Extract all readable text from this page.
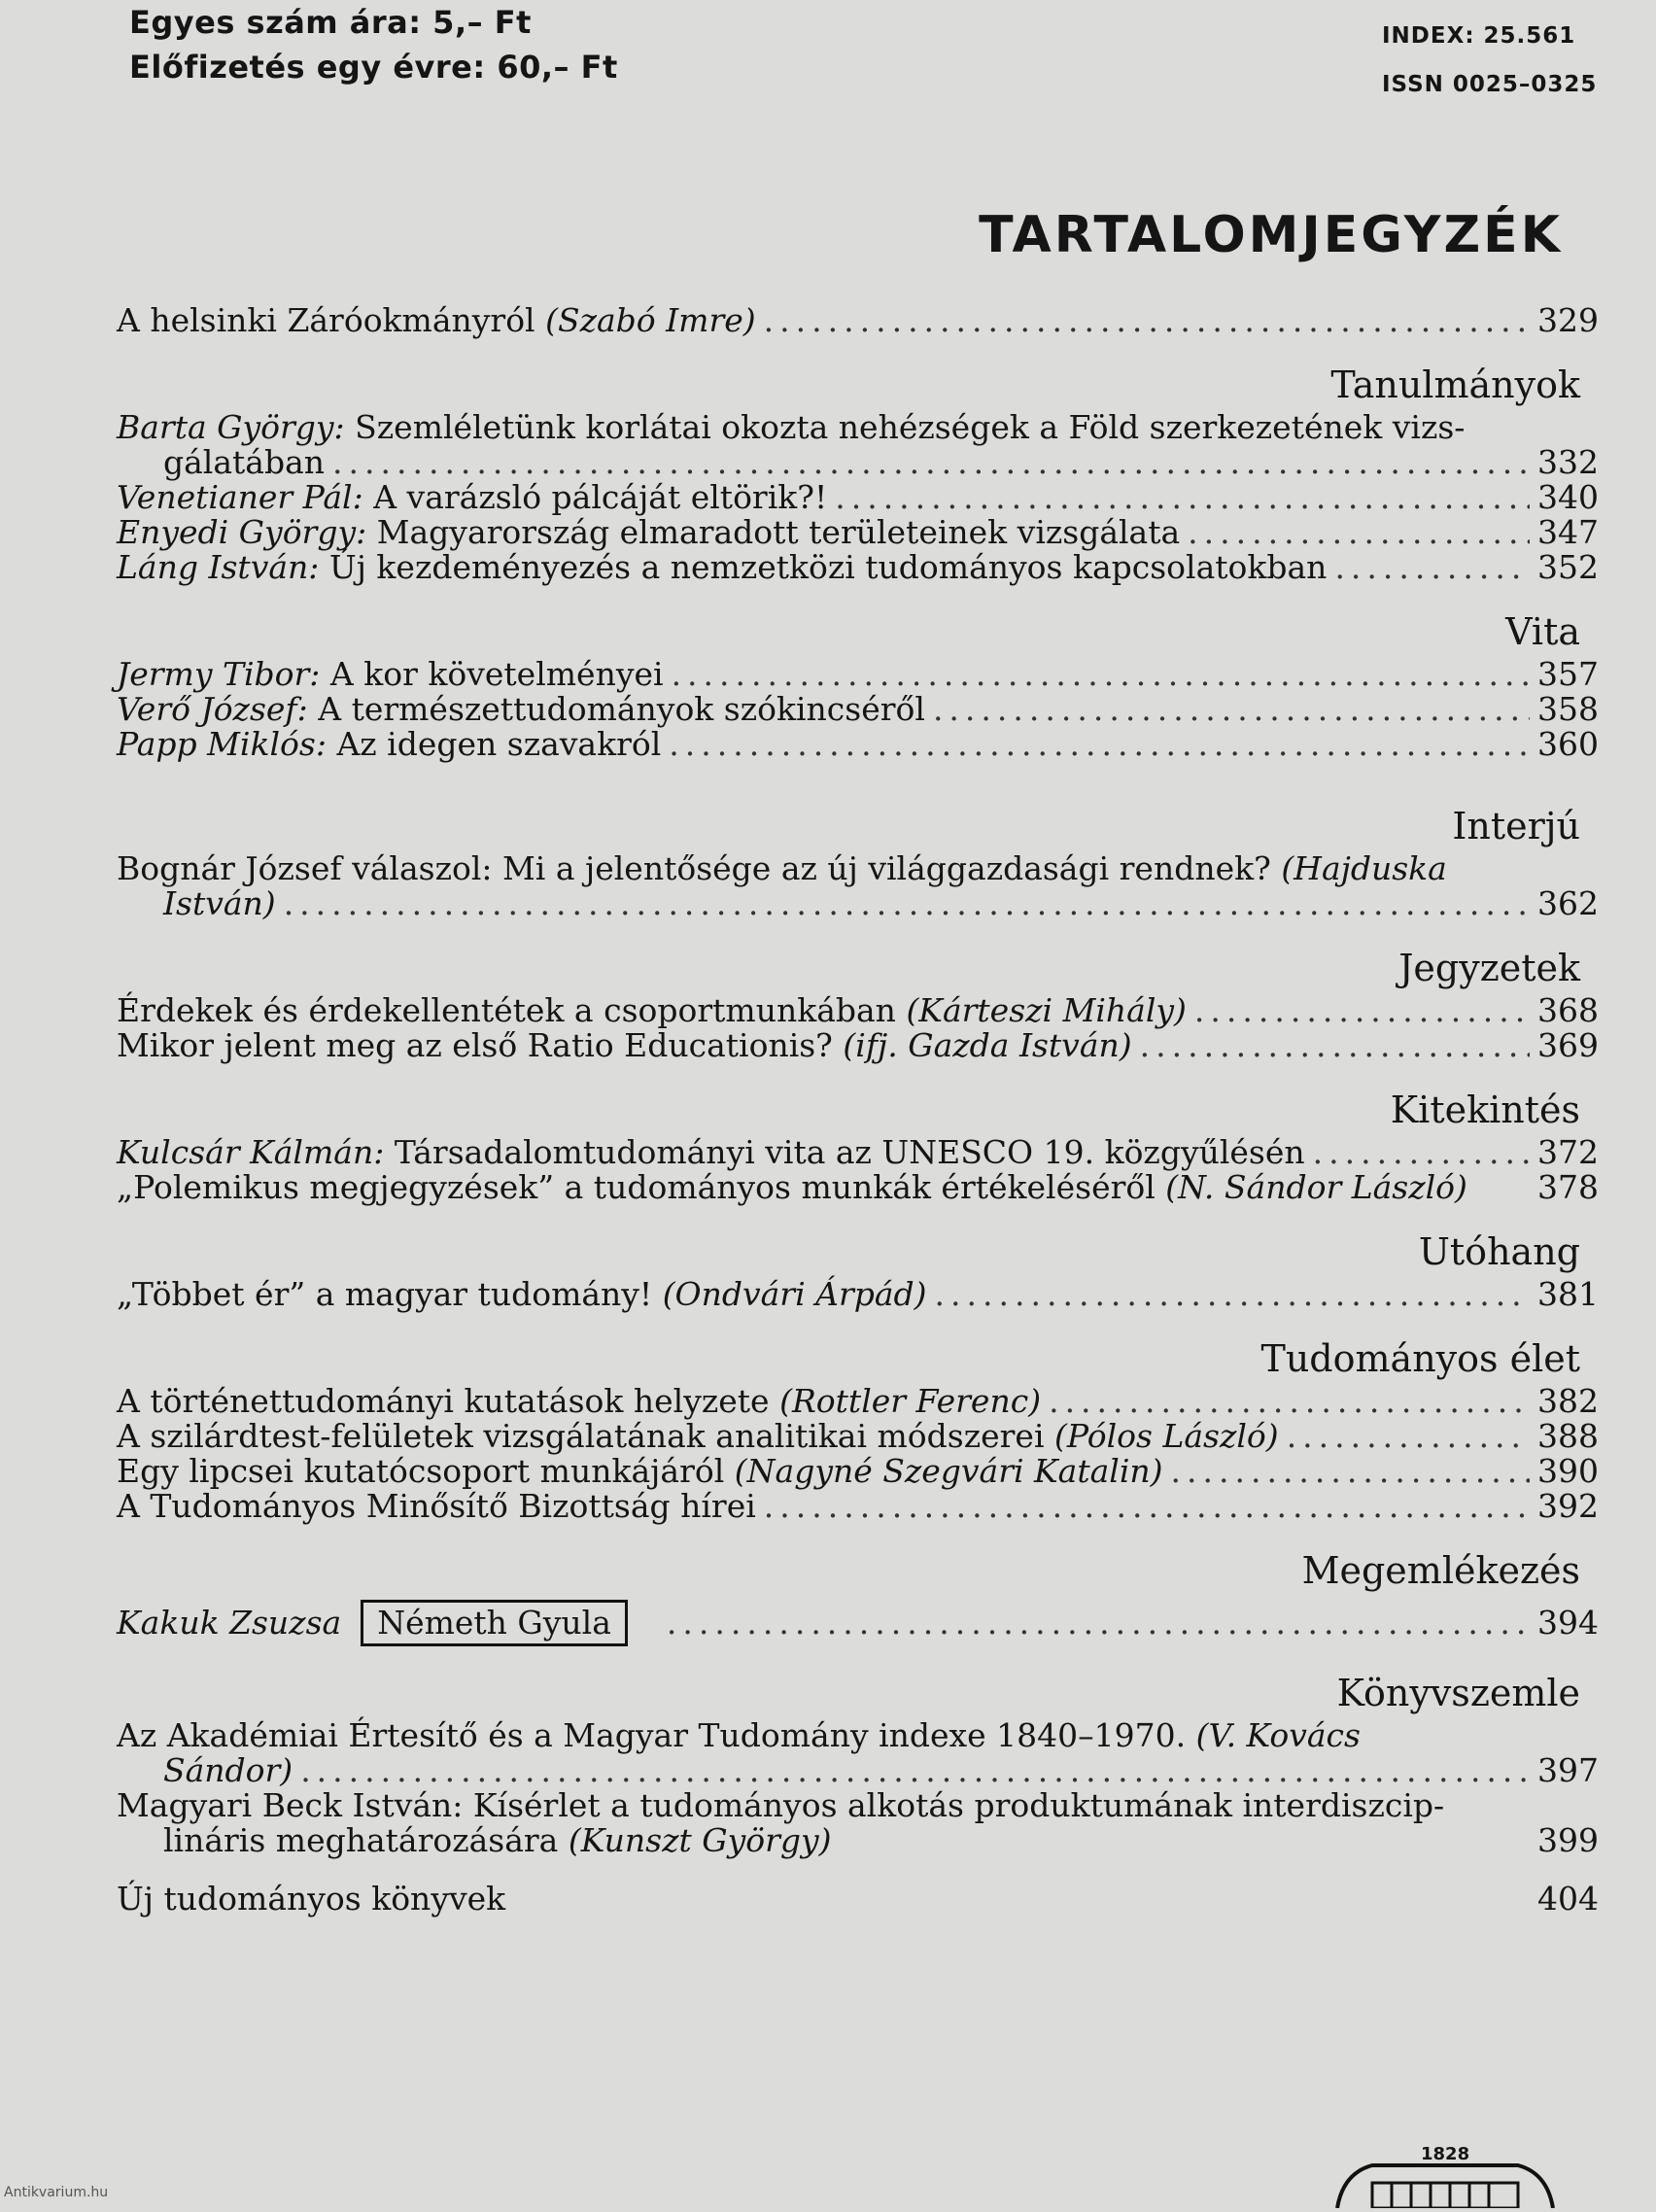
Egyes szám ára: 5,– Ft
Előfizetés egy évre: 60,– Ft
INDEX: 25.561
ISSN 0025–0325
TARTALOMJEGYZÉK
A helsinki Záróokmányról (Szabó Imre) .....	329
Tanulmányok
Barta György: Szemléletünk korlátai okozta nehézségek a Föld szerkezetének vizs-
gálatában .....	332
Venetianer Pál: A varázsló pálcáját eltörik?! .....	340
Enyedi György: Magyarország elmaradott területeinek vizsgálata .....	347
Láng István: Új kezdeményezés a nemzetközi tudományos kapcsolatokban .....	352
Vita
Jermy Tibor: A kor követelményei .....	357
Verő József: A természettudományok szókincséről .....	358
Papp Miklós: Az idegen szavakról .....	360
Interjú
Bognár József válaszol: Mi a jelentősége az új világgazdasági rendnek? (Hajduska
István) .....	362
Jegyzetek
Érdekek és érdekellentétek a csoportmunkában (Kárteszi Mihály) .....	368
Mikor jelent meg az első Ratio Educationis? (ifj. Gazda István) .....	369
Kitekintés
Kulcsár Kálmán: Társadalomtudományi vita az UNESCO 19. közgyűlésén .....	372
„Polemikus megjegyzések” a tudományos munkák értékeléséről (N. Sándor László) 378
Utóhang
„Többet ér” a magyar tudomány! (Ondvári Árpád) .....	381
Tudományos élet
A történettudományi kutatások helyzete (Rottler Ferenc) .....	382
A szilárdtest-felületek vizsgálatának analitikai módszerei (Pólos László) .....	388
Egy lipcsei kutatócsoport munkájáról (Nagyné Szegvári Katalin) .....	390
A Tudományos Minősítő Bizottság hírei .....	392
Megemlékezés
Kakuk Zsuzsa Németh Gyula .....	394
Könyvszemle
Az Akadémiai Értesítő és a Magyar Tudomány indexe 1840–1970. (V. Kovács
Sándor) .....	397
Magyari Beck István: Kísérlet a tudományos alkotás produktumának interdiszcip-
lináris meghatározására (Kunszt György)	399
Új tudományos könyvek	404
1828
Antikvarium.hu
